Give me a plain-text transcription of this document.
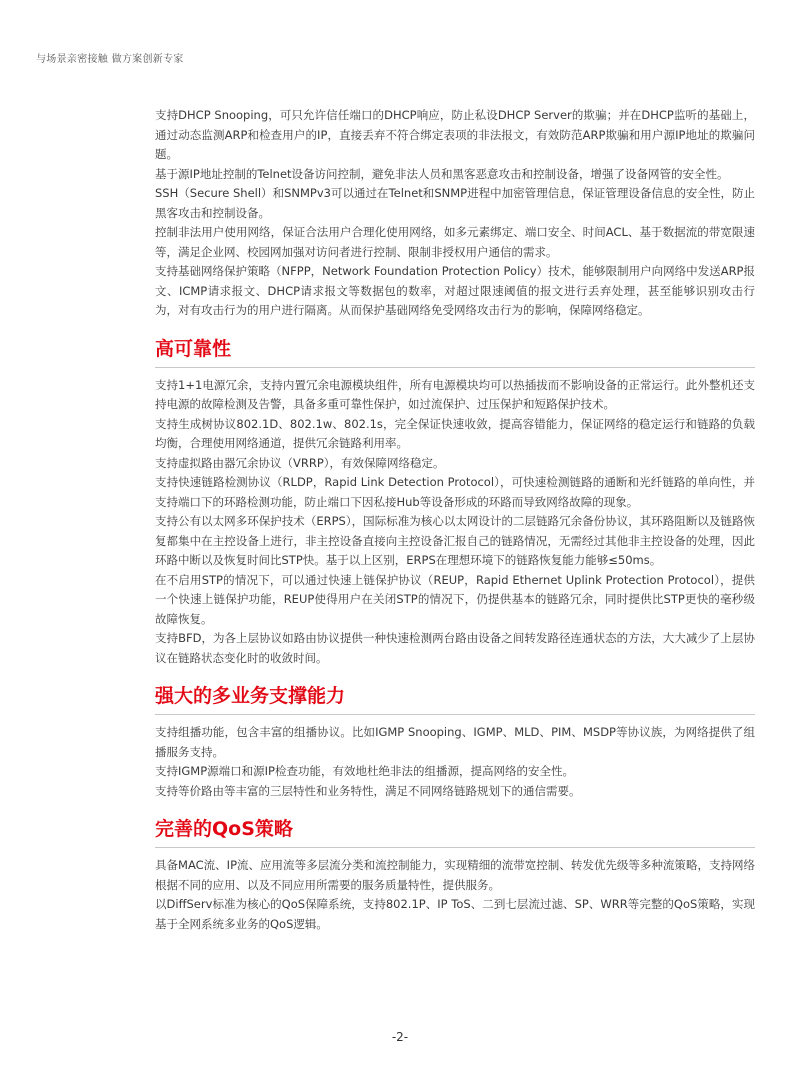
与场景亲密接触 做方案创新专家

支持DHCP Snooping，可只允许信任端口的DHCP响应，防止私设DHCP Server的欺骗；并在DHCP监听的基础上，通过动态监测ARP和检查用户的IP，直接丢弃不符合绑定表项的非法报文，有效防范ARP欺骗和用户源IP地址的欺骗问题。

基于源IP地址控制的Telnet设备访问控制，避免非法人员和黑客恶意攻击和控制设备，增强了设备网管的安全性。

SSH（Secure Shell）和SNMPv3可以通过在Telnet和SNMP进程中加密管理信息，保证管理设备信息的安全性，防止黑客攻击和控制设备。

控制非法用户使用网络，保证合法用户合理化使用网络，如多元素绑定、端口安全、时间ACL、基于数据流的带宽限速等，满足企业网、校园网加强对访问者进行控制、限制非授权用户通信的需求。

支持基础网络保护策略（NFPP，Network Foundation Protection Policy）技术，能够限制用户向网络中发送ARP报文、ICMP请求报文、DHCP请求报文等数据包的数率，对超过限速阈值的报文进行丢弃处理，甚至能够识别攻击行为，对有攻击行为的用户进行隔离。从而保护基础网络免受网络攻击行为的影响，保障网络稳定。

高可靠性

支持1+1电源冗余，支持内置冗余电源模块组件，所有电源模块均可以热插拔而不影响设备的正常运行。此外整机还支持电源的故障检测及告警，具备多重可靠性保护，如过流保护、过压保护和短路保护技术。

支持生成树协议802.1D、802.1w、802.1s，完全保证快速收敛，提高容错能力，保证网络的稳定运行和链路的负载均衡，合理使用网络通道，提供冗余链路利用率。

支持虚拟路由器冗余协议（VRRP），有效保障网络稳定。

支持快速链路检测协议（RLDP，Rapid Link Detection Protocol），可快速检测链路的通断和光纤链路的单向性，并支持端口下的环路检测功能，防止端口下因私接Hub等设备形成的环路而导致网络故障的现象。

支持公有以太网多环保护技术（ERPS），国际标准为核心以太网设计的二层链路冗余备份协议，其环路阻断以及链路恢复都集中在主控设备上进行，非主控设备直接向主控设备汇报自己的链路情况，无需经过其他非主控设备的处理，因此环路中断以及恢复时间比STP快。基于以上区别，ERPS在理想环境下的链路恢复能力能够≤50ms。

在不启用STP的情况下，可以通过快速上链保护协议（REUP，Rapid Ethernet Uplink Protection Protocol），提供一个快速上链保护功能，REUP使得用户在关闭STP的情况下，仍提供基本的链路冗余，同时提供比STP更快的毫秒级故障恢复。

支持BFD，为各上层协议如路由协议提供一种快速检测两台路由设备之间转发路径连通状态的方法，大大减少了上层协议在链路状态变化时的收敛时间。

强大的多业务支撑能力

支持组播功能，包含丰富的组播协议。比如IGMP Snooping、IGMP、MLD、PIM、MSDP等协议族，为网络提供了组播服务支持。

支持IGMP源端口和源IP检查功能，有效地杜绝非法的组播源，提高网络的安全性。

支持等价路由等丰富的三层特性和业务特性，满足不同网络链路规划下的通信需要。

完善的QoS策略

具备MAC流、IP流、应用流等多层流分类和流控制能力，实现精细的流带宽控制、转发优先级等多种流策略，支持网络根据不同的应用、以及不同应用所需要的服务质量特性，提供服务。

以DiffServ标准为核心的QoS保障系统，支持802.1P、IP ToS、二到七层流过滤、SP、WRR等完整的QoS策略，实现基于全网系统多业务的QoS逻辑。

-2-
